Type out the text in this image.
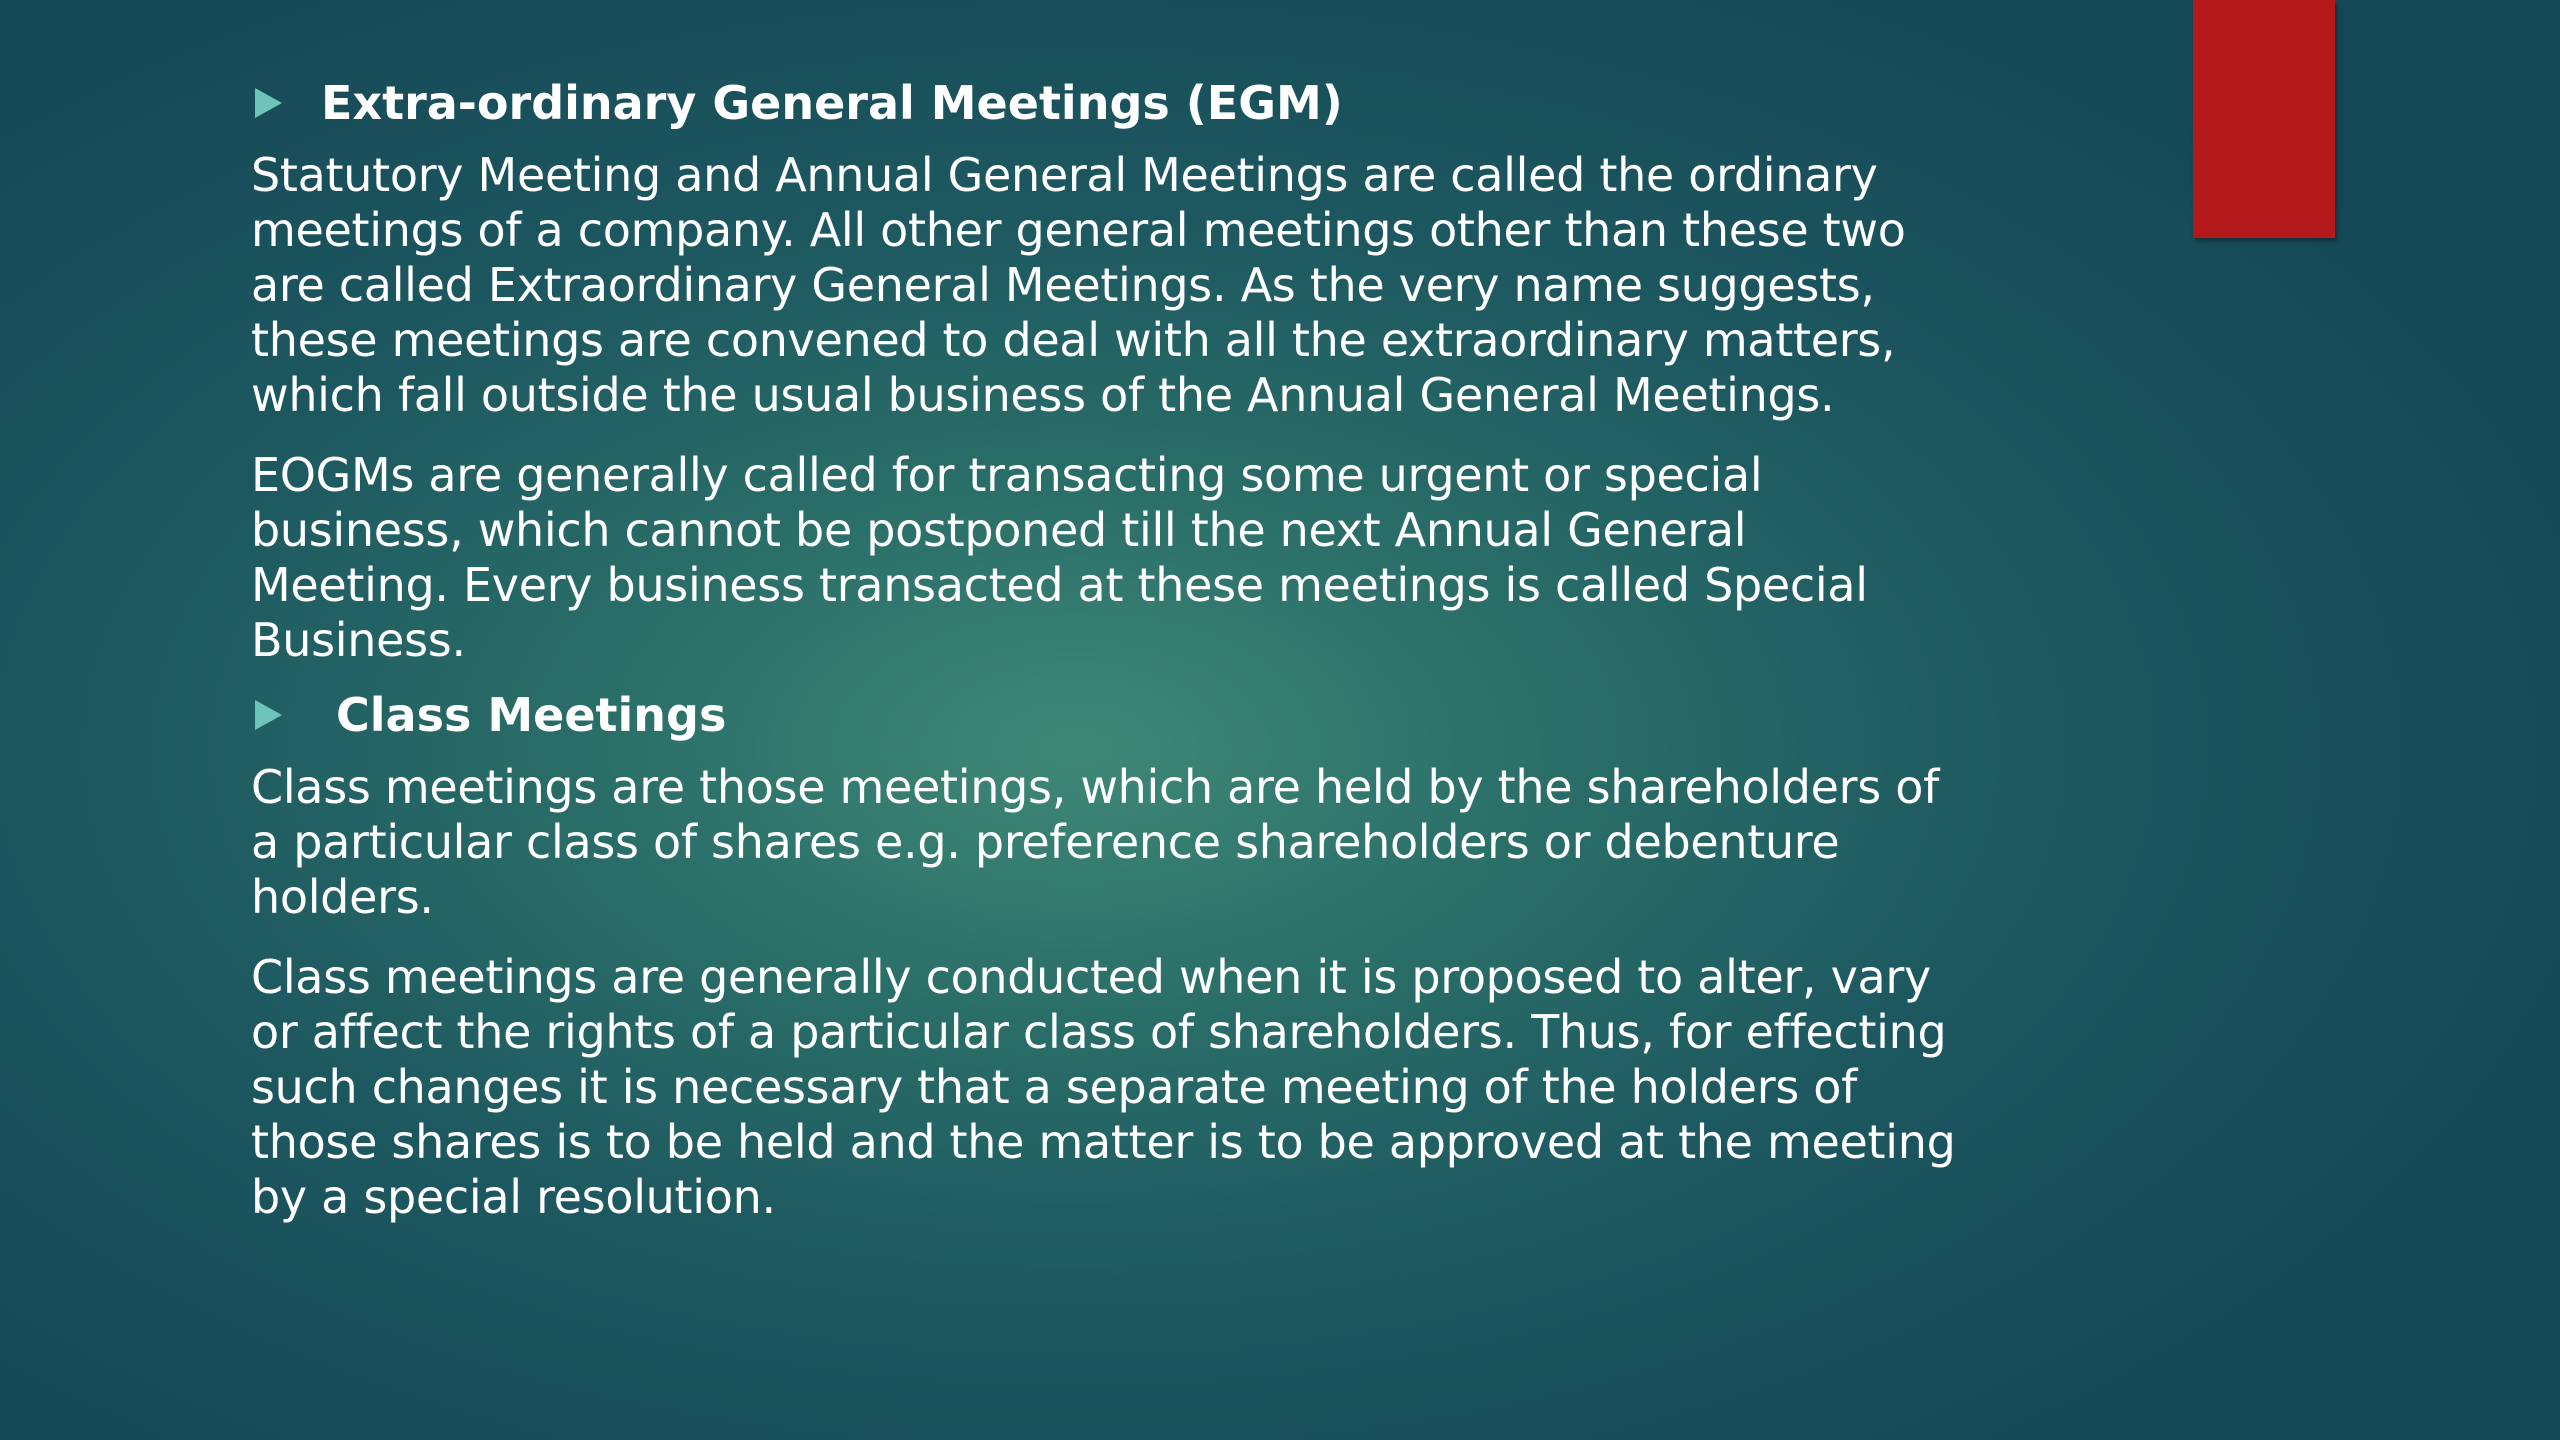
Extra-ordinary General Meetings (EGM)
Statutory Meeting and Annual General Meetings are called the ordinary
meetings of a company. All other general meetings other than these two
are called Extraordinary General Meetings. As the very name suggests,
these meetings are convened to deal with all the extraordinary matters,
which fall outside the usual business of the Annual General Meetings.
EOGMs are generally called for transacting some urgent or special
business, which cannot be postponed till the next Annual General
Meeting. Every business transacted at these meetings is called Special
Business.
Class Meetings
Class meetings are those meetings, which are held by the shareholders of
a particular class of shares e.g. preference shareholders or debenture
holders.
Class meetings are generally conducted when it is proposed to alter, vary
or affect the rights of a particular class of shareholders. Thus, for effecting
such changes it is necessary that a separate meeting of the holders of
those shares is to be held and the matter is to be approved at the meeting
by a special resolution.
